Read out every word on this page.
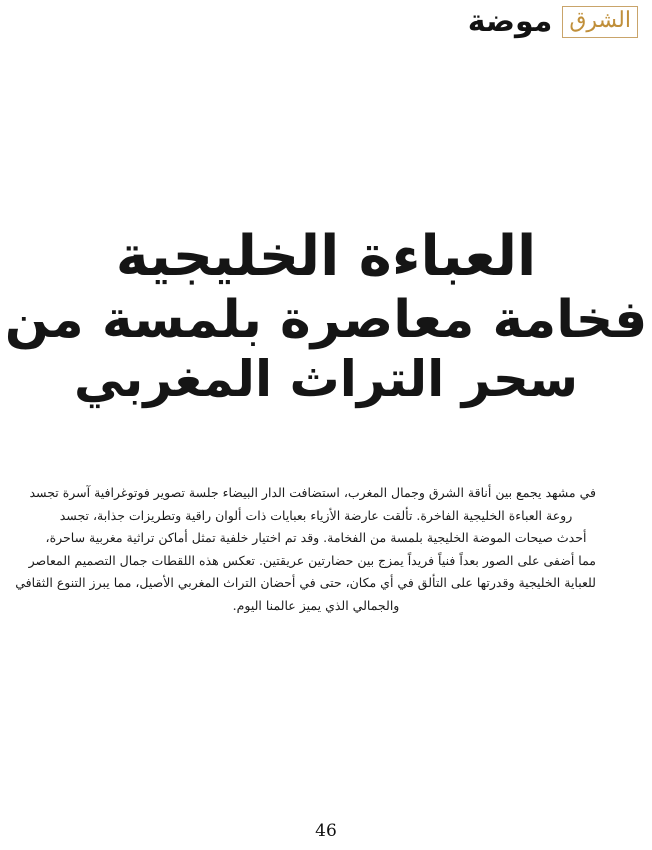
موضة الشرق
العباءة الخليجية
فخامة معاصرة بلمسة من
سحر التراث المغربي
في مشهد يجمع بين أناقة الشرق وجمال المغرب، استضافت الدار البيضاء جلسة تصوير فوتوغرافية آسرة تجسد
روعة العباءة الخليجية الفاخرة. تألقت عارضة الأزياء بعبايات ذات ألوان راقية وتطريزات جذابة، تجسد
أحدث صيحات الموضة الخليجية بلمسة من الفخامة. وقد تم اختيار خلفية تمثل أماكن تراثية مغربية ساحرة،
مما أضفى على الصور بعداً فنياً فريداً يمزج بين حضارتين عريقتين. تعكس هذه اللقطات جمال التصميم المعاصر
للعباية الخليجية وقدرتها على التألق في أي مكان، حتى في أحضان التراث المغربي الأصيل، مما يبرز التنوع الثقافي
والجمالي الذي يميز عالمنا اليوم.
46
